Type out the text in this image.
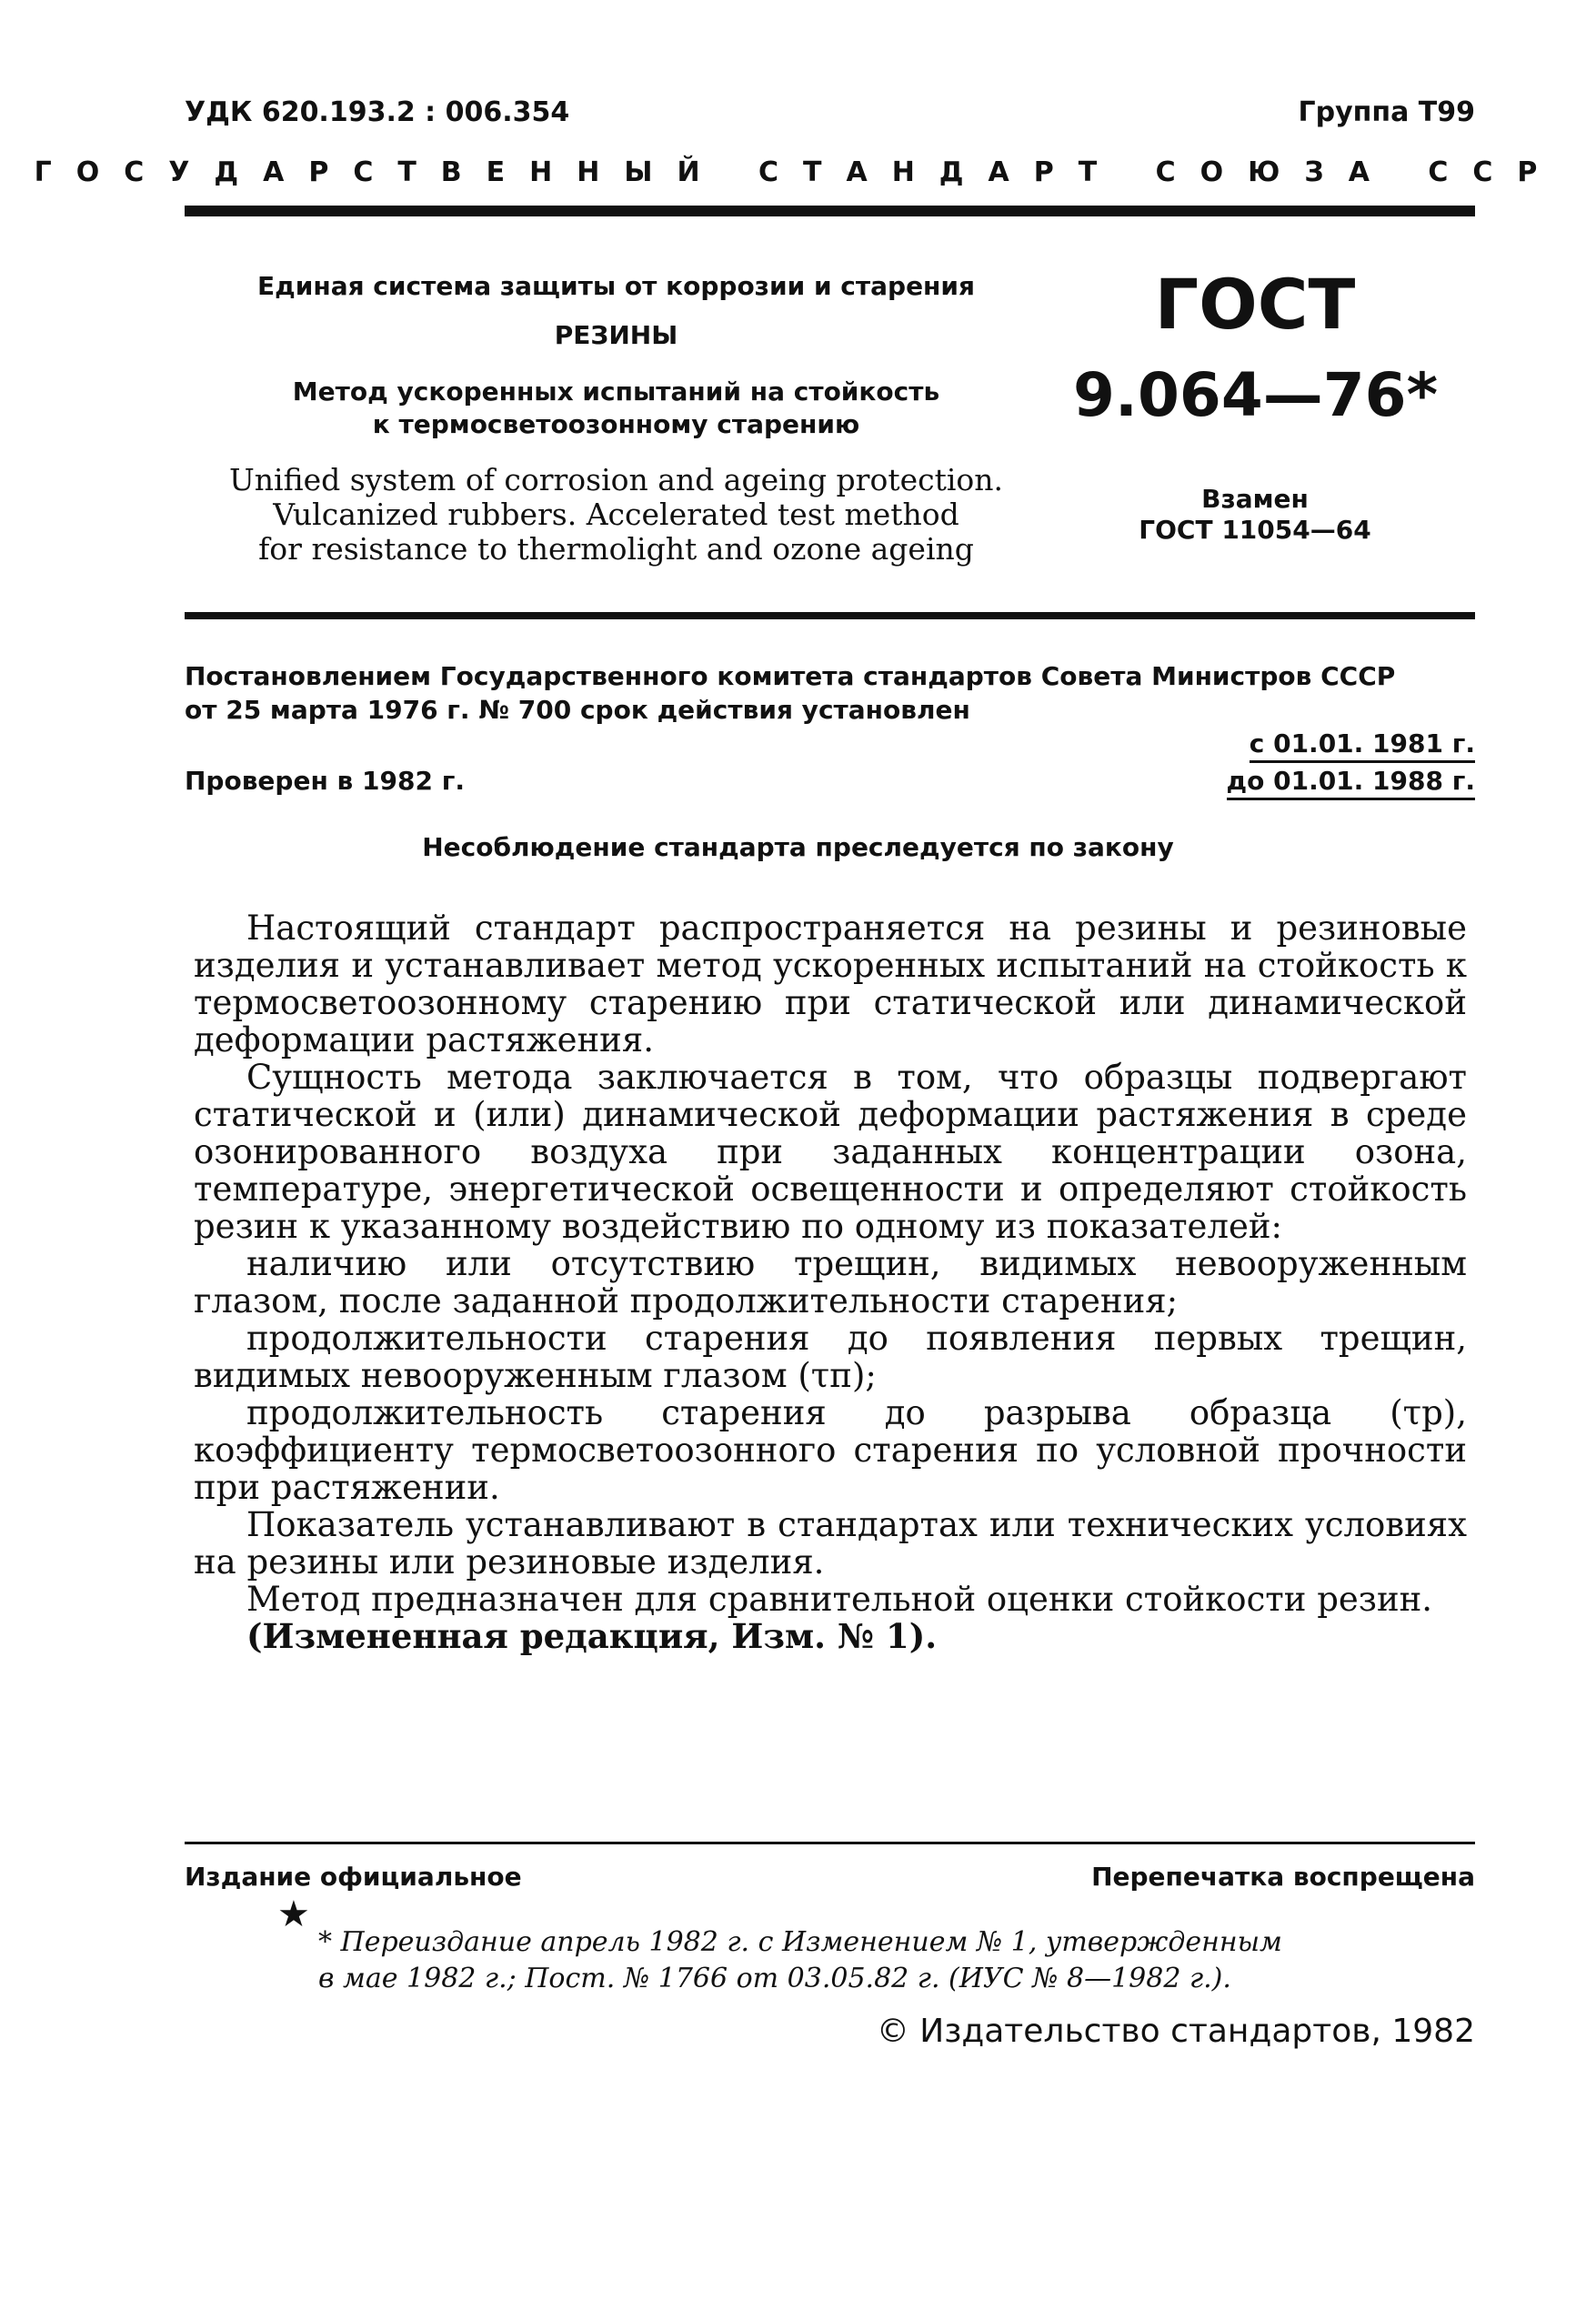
УДК 620.193.2 : 006.354	Группа Т99
ГОСУДАРСТВЕННЫЙ СТАНДАРТ СОЮЗА ССР
Единая система защиты от коррозии и старения
РЕЗИНЫ
Метод ускоренных испытаний на стойкость
к термосветоозонному старению
Unified system of corrosion and ageing protection.
Vulcanized rubbers. Accelerated test method
for resistance to thermolight and ozone ageing
ГОСТ
9.064—76*
Взамен
ГОСТ 11054—64
Постановлением Государственного комитета стандартов Совета Министров СССР
от 25 марта 1976 г. № 700 срок действия установлен
с 01.01. 1981 г.
Проверен в 1982 г.	до 01.01. 1988 г.
Несоблюдение стандарта преследуется по закону

Настоящий стандарт распространяется на резины и резиновые изделия и устанавливает метод ускоренных испытаний на стойкость к термосветоозонному старению при статической или динамической деформации растяжения.

Сущность метода заключается в том, что образцы подвергают статической и (или) динамической деформации растяжения в среде озонированного воздуха при заданных концентрации озона, температуре, энергетической освещенности и определяют стойкость резин к указанному воздействию по одному из показателей:

наличию или отсутствию трещин, видимых невооруженным глазом, после заданной продолжительности старения;

продолжительности старения до появления первых трещин, видимых невооруженным глазом (τп);

продолжительность старения до разрыва образца (τр), коэффициенту термосветоозонного старения по условной прочности при растяжении.

Показатель устанавливают в стандартах или технических условиях на резины или резиновые изделия.

Метод предназначен для сравнительной оценки стойкости резин.

(Измененная редакция, Изм. № 1).

Издание официальное	Перепечатка воспрещена
★
* Переиздание апрель 1982 г. с Изменением № 1, утвержденным
в мае 1982 г.; Пост. № 1766 от 03.05.82 г. (ИУС № 8—1982 г.).
© Издательство стандартов, 1982
